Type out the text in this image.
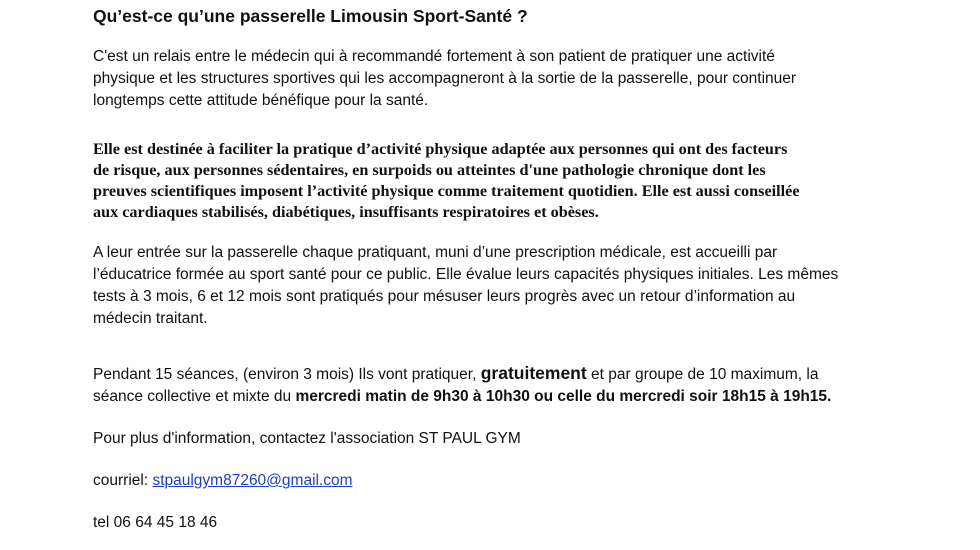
Qu’est-ce qu’une passerelle Limousin Sport-Santé ?
C'est un relais entre le médecin qui à recommandé fortement à son patient de pratiquer une activité
physique et les structures sportives qui les accompagneront à la sortie de la passerelle, pour continuer
longtemps cette attitude bénéfique pour la santé.
Elle est destinée à faciliter la pratique d’activité physique adaptée aux personnes qui ont des facteurs
de risque, aux personnes sédentaires, en surpoids ou atteintes d'une pathologie chronique dont les
preuves scientifiques imposent l’activité physique comme traitement quotidien. Elle est aussi conseillée
aux cardiaques stabilisés, diabétiques, insuffisants respiratoires et obèses.
A leur entrée sur la passerelle chaque pratiquant, muni d’une prescription médicale, est accueilli par
l’éducatrice formée au sport santé pour ce public. Elle évalue leurs capacités physiques initiales. Les mêmes
tests à 3 mois, 6 et 12 mois sont pratiqués pour mésuser leurs progrès avec un retour d’information au
médecin traitant.
Pendant 15 séances, (environ 3 mois) Ils vont pratiquer, gratuitement et par groupe de 10 maximum, la
séance collective et mixte du mercredi matin de 9h30 à 10h30 ou celle du mercredi soir 18h15 à 19h15.
Pour plus d'information, contactez l'association ST PAUL GYM
courriel: stpaulgym87260@gmail.com
tel 06 64 45 18 46
